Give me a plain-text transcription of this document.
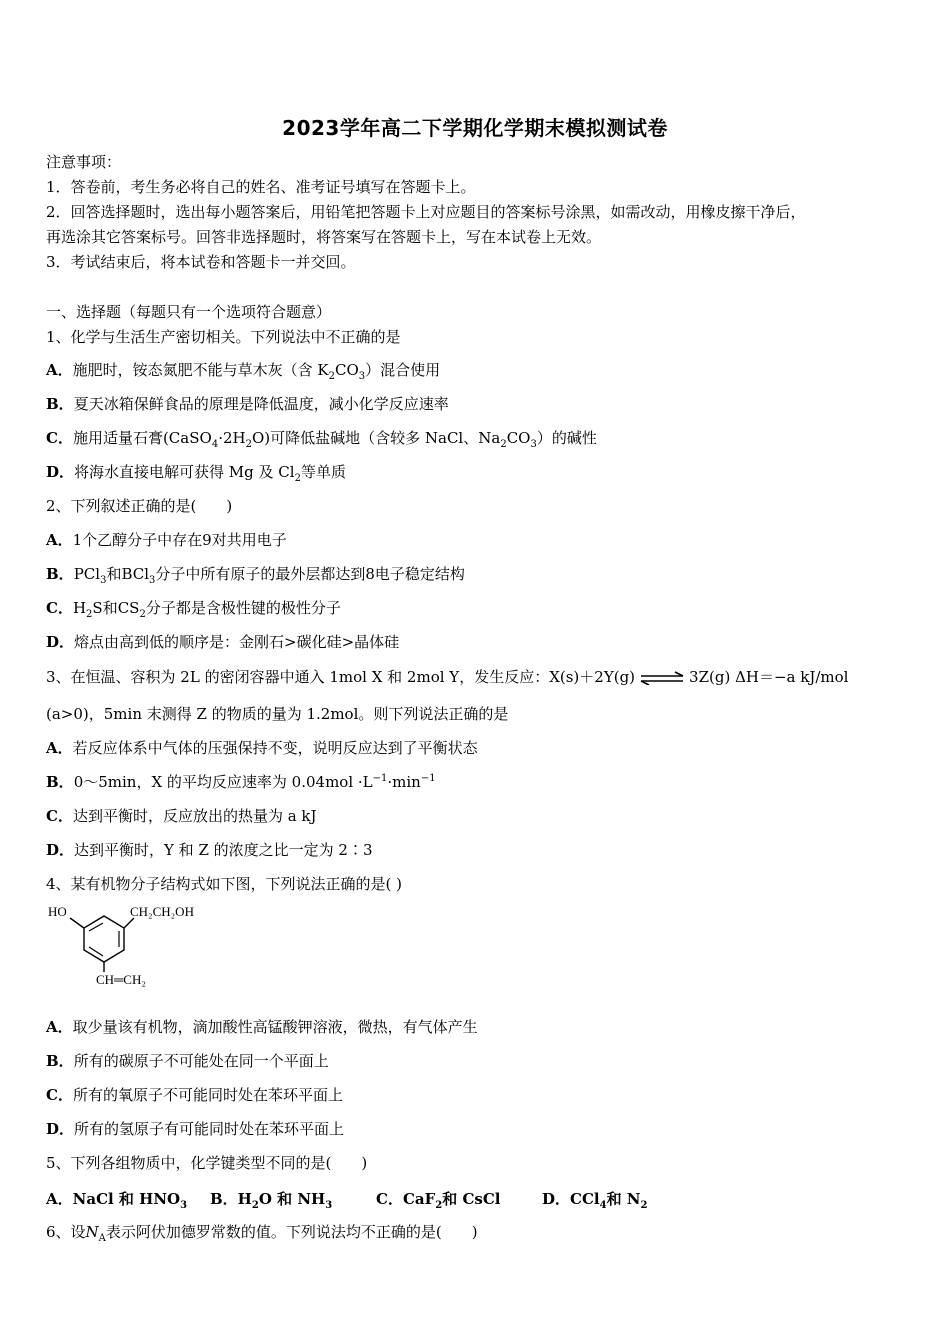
2023学年高二下学期化学期末模拟测试卷
注意事项：
1．答卷前，考生务必将自己的姓名、准考证号填写在答题卡上。
2．回答选择题时，选出每小题答案后，用铅笔把答题卡上对应题目的答案标号涂黑，如需改动，用橡皮擦干净后，
再选涂其它答案标号。回答非选择题时，将答案写在答题卡上，写在本试卷上无效。
3．考试结束后，将本试卷和答题卡一并交回。
一、选择题（每题只有一个选项符合题意）
1、化学与生活生产密切相关。下列说法中不正确的是
A．施肥时，铵态氮肥不能与草木灰（含 $K_2CO_3$）混合使用
B．夏天冰箱保鲜食品的原理是降低温度，减小化学反应速率
C．施用适量石膏$(CaSO_4\cdot 2H_2O)$可降低盐碱地（含较多 NaCl、$Na_2CO_3$）的碱性
D．将海水直接电解可获得 Mg 及 $Cl_2$等单质
2、下列叙述正确的是(　　)
A．1个乙醇分子中存在9对共用电子
B．PCl$_3$和BCl$_3$分子中所有原子的最外层都达到8电子稳定结构
C．$H_2S$和$CS_2$分子都是含极性键的极性分子
D．熔点由高到低的顺序是：金刚石>碳化硅>晶体硅
3、在恒温、容积为 2L 的密闭容器中通入 1mol X 和 2mol Y，发生反应：X(s)＋2Y(g) ⇌ 3Z(g) ΔH＝−a kJ/mol
(a>0)，5min 末测得 Z 的物质的量为 1.2mol。则下列说法正确的是
A．若反应体系中气体的压强保持不变，说明反应达到了平衡状态
B．0～5min，X 的平均反应速率为 $0.04mol \cdot L^{-1}\cdot\min^{-1}$
C．达到平衡时，反应放出的热量为 a kJ
D．达到平衡时，Y 和 Z 的浓度之比一定为 2∶3
4、某有机物分子结构式如下图，下列说法正确的是( )
HO	CH₂CH₂OH
CH═CH₂
A．取少量该有机物，滴加酸性高锰酸钾溶液，微热，有气体产生
B．所有的碳原子不可能处在同一个平面上
C．所有的氧原子不可能同时处在苯环平面上
D．所有的氢原子有可能同时处在苯环平面上
5、下列各组物质中，化学键类型不同的是(　　)
A．NaCl 和 $HNO_3$ B．$H_2O$ 和 $NH_3$	C．CaF$_2$和 CsCl	D．CCl$_4$和 $N_2$
6、设$N_A$表示阿伏加德罗常数的值。下列说法均不正确的是(　　)
